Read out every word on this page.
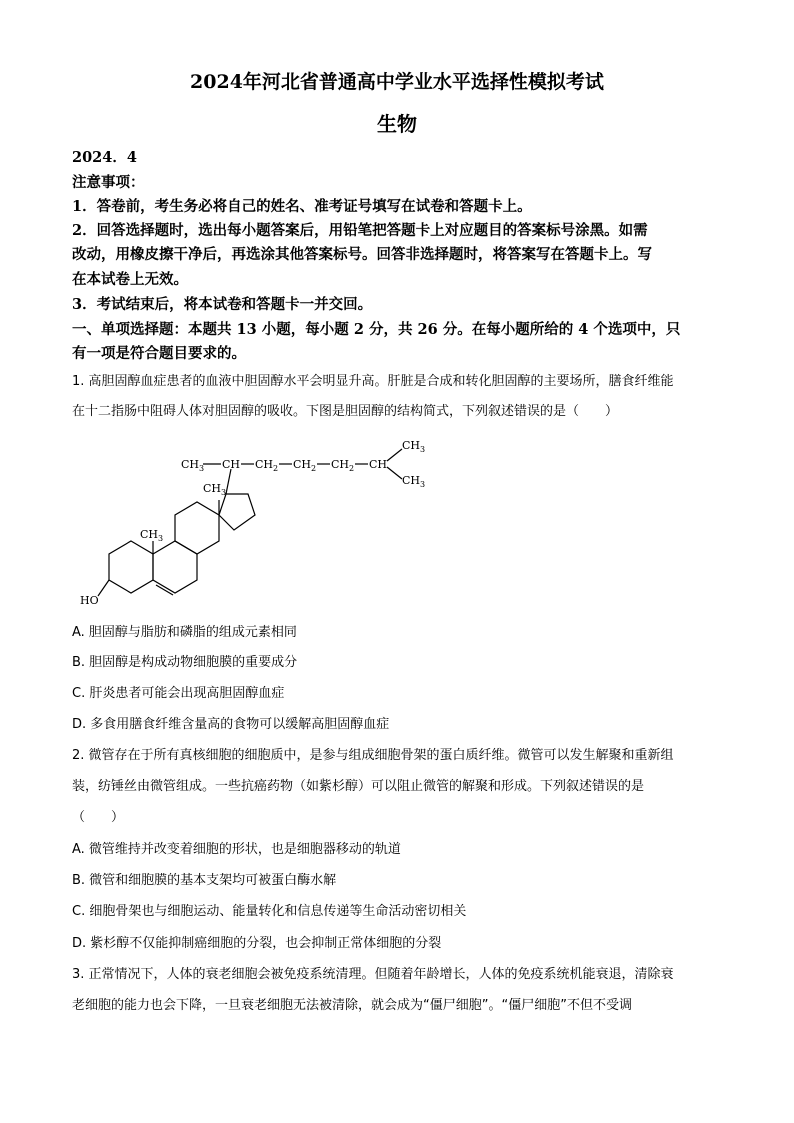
2024年河北省普通高中学业水平选择性模拟考试
生物
2024．4
注意事项：
1．答卷前，考生务必将自己的姓名、准考证号填写在试卷和答题卡上。
2．回答选择题时，选出每小题答案后，用铅笔把答题卡上对应题目的答案标号涂黑。如需
改动，用橡皮擦干净后，再选涂其他答案标号。回答非选择题时，将答案写在答题卡上。写
在本试卷上无效。
3．考试结束后，将本试卷和答题卡一并交回。
一、单项选择题：本题共 13 小题，每小题 2 分，共 26 分。在每小题所给的 4 个选项中，只
有一项是符合题目要求的。
1. 高胆固醇血症患者的血液中胆固醇水平会明显升高。肝脏是合成和转化胆固醇的主要场所，膳食纤维能
在十二指肠中阻碍人体对胆固醇的吸收。下图是胆固醇的结构简式，下列叙述错误的是（　　）
$CH_3$ CH $CH_2$ $CH_2$ $CH_2$ CH
$CH_3$
$CH_3$
$CH_3$
$CH_3$
HO
A. 胆固醇与脂肪和磷脂的组成元素相同
B. 胆固醇是构成动物细胞膜的重要成分
C. 肝炎患者可能会出现高胆固醇血症
D. 多食用膳食纤维含量高的食物可以缓解高胆固醇血症
2. 微管存在于所有真核细胞的细胞质中，是参与组成细胞骨架的蛋白质纤维。微管可以发生解聚和重新组
装，纺锤丝由微管组成。一些抗癌药物（如紫杉醇）可以阻止微管的解聚和形成。下列叙述错误的是
（　　）
A. 微管维持并改变着细胞的形状，也是细胞器移动的轨道
B. 微管和细胞膜的基本支架均可被蛋白酶水解
C. 细胞骨架也与细胞运动、能量转化和信息传递等生命活动密切相关
D. 紫杉醇不仅能抑制癌细胞的分裂，也会抑制正常体细胞的分裂
3. 正常情况下，人体的衰老细胞会被免疫系统清理。但随着年龄增长，人体的免疫系统机能衰退，清除衰
老细胞的能力也会下降，一旦衰老细胞无法被清除，就会成为“僵尸细胞”。“僵尸细胞”不但不受调
